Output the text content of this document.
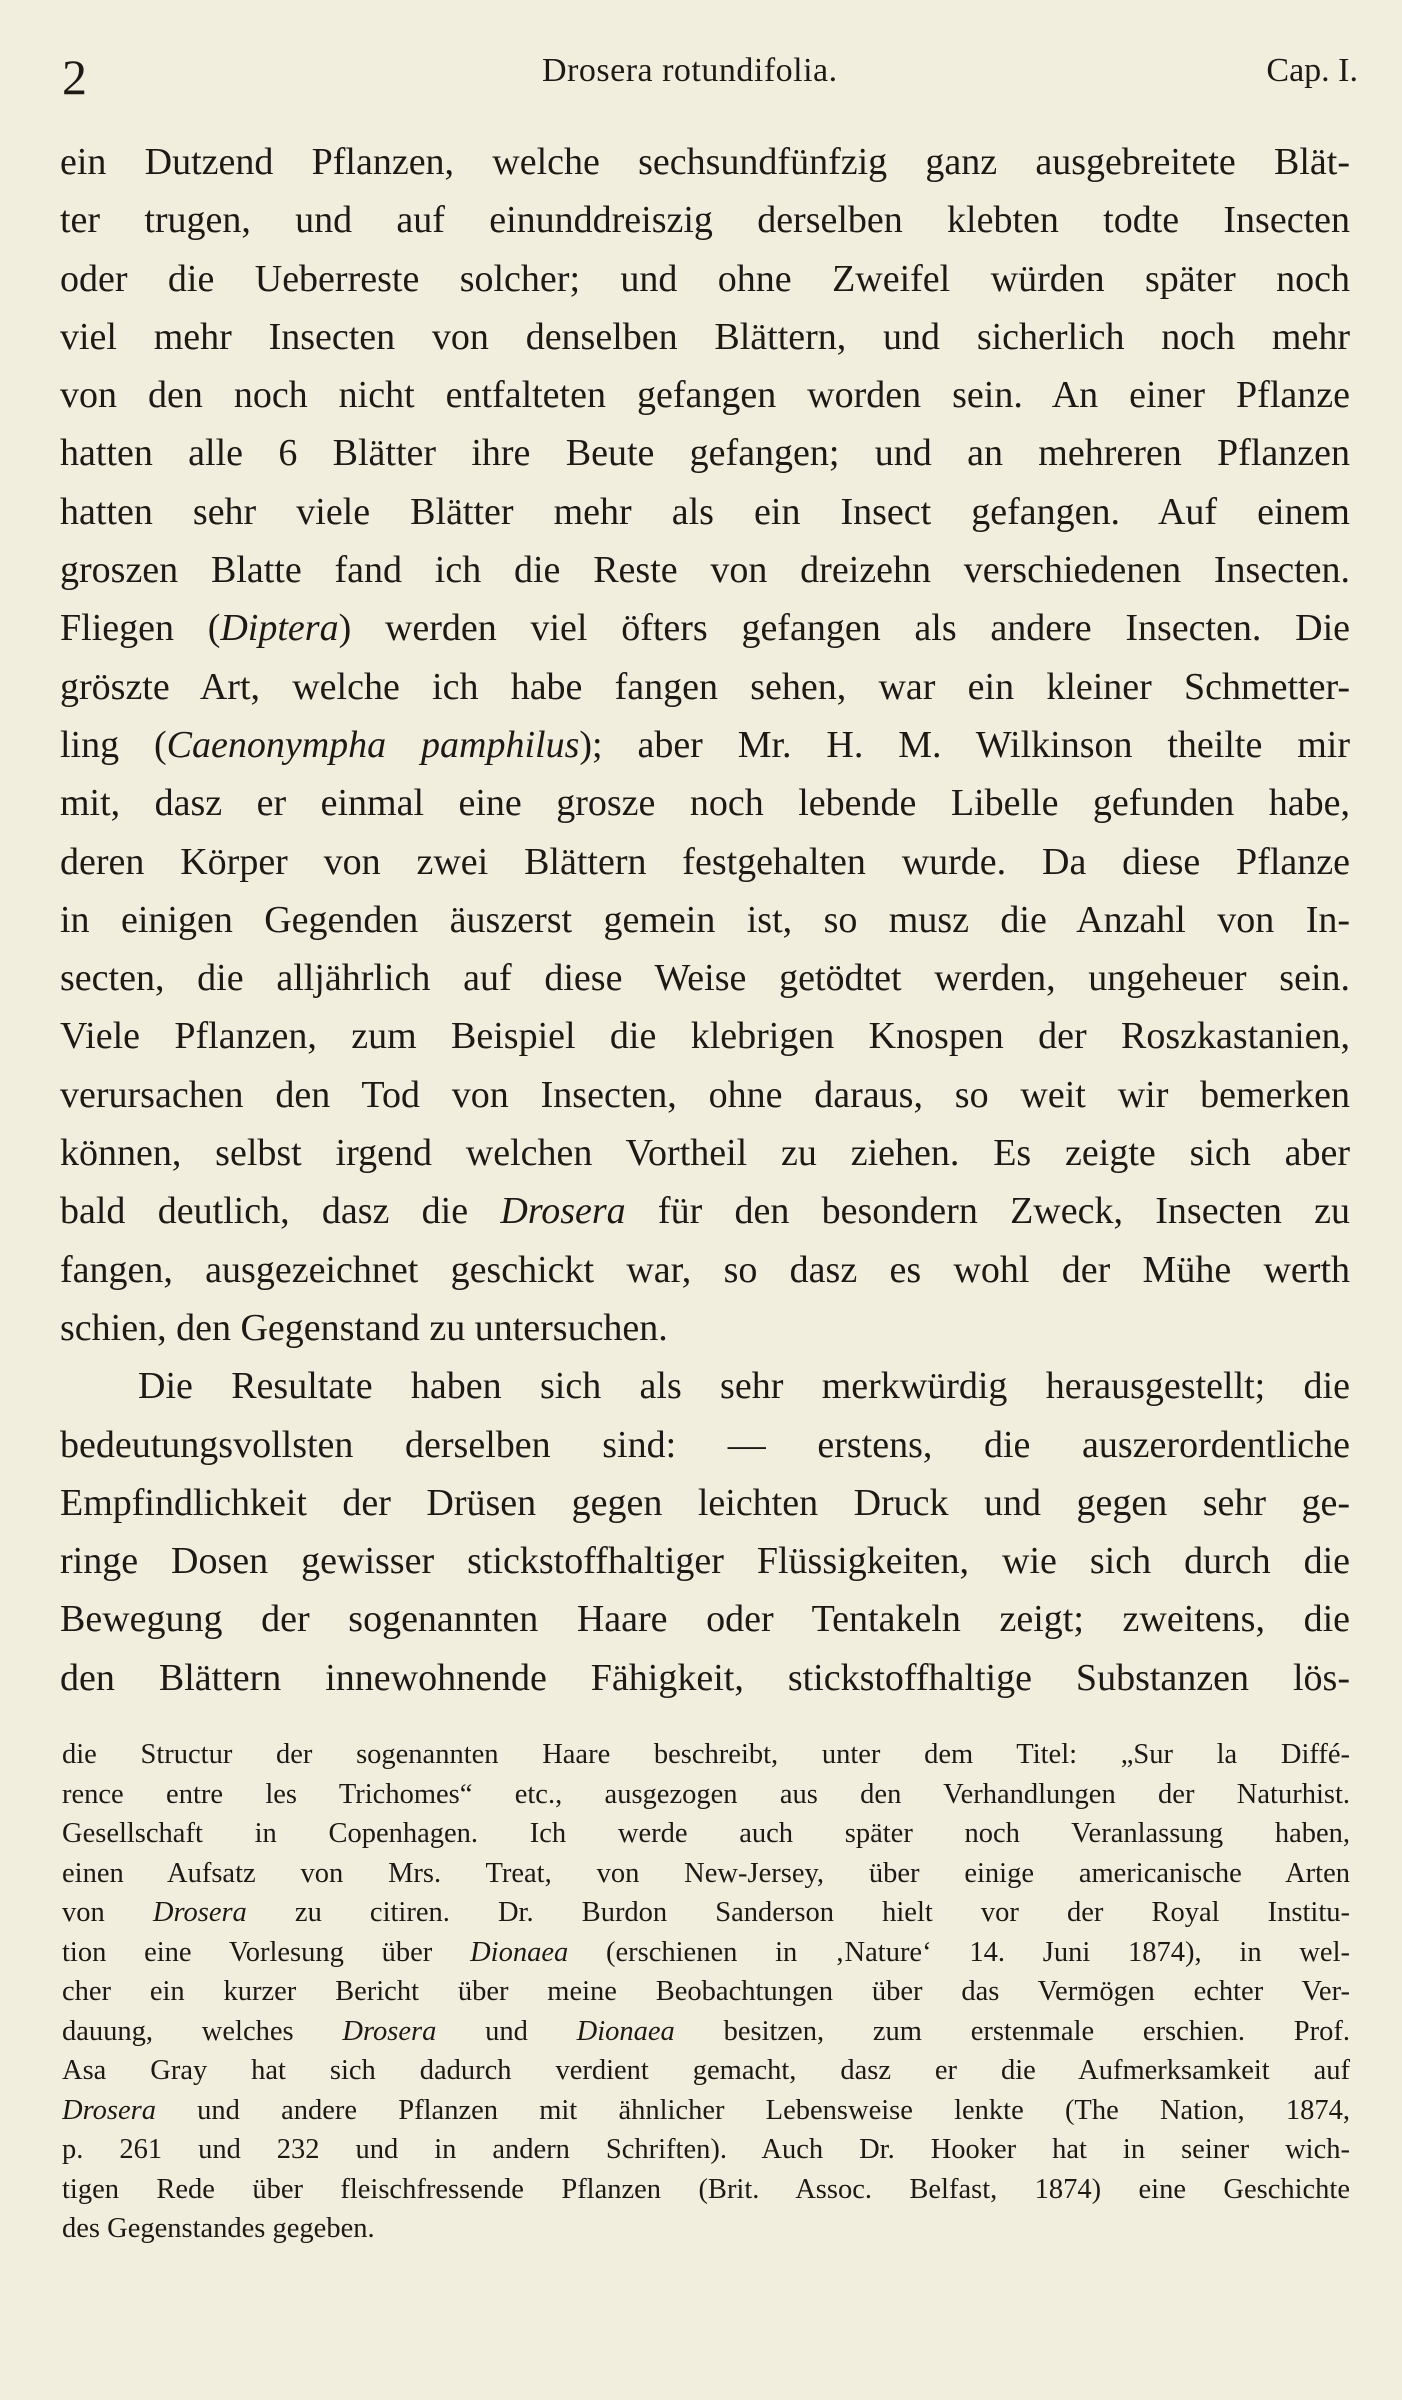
2	Drosera rotundifolia.	Cap. I.
ein Dutzend Pflanzen, welche sechsundfünfzig ganz ausgebreitete Blät-
ter trugen, und auf einunddreiszig derselben klebten todte Insecten
oder die Ueberreste solcher; und ohne Zweifel würden später noch
viel mehr Insecten von denselben Blättern, und sicherlich noch mehr
von den noch nicht entfalteten gefangen worden sein. An einer Pflanze
hatten alle 6 Blätter ihre Beute gefangen; und an mehreren Pflanzen
hatten sehr viele Blätter mehr als ein Insect gefangen. Auf einem
groszen Blatte fand ich die Reste von dreizehn verschiedenen Insecten.
Fliegen (Diptera) werden viel öfters gefangen als andere Insecten. Die
gröszte Art, welche ich habe fangen sehen, war ein kleiner Schmetter-
ling (Caenonympha pamphilus); aber Mr. H. M. Wilkinson theilte mir
mit, dasz er einmal eine grosze noch lebende Libelle gefunden habe,
deren Körper von zwei Blättern festgehalten wurde. Da diese Pflanze
in einigen Gegenden äuszerst gemein ist, so musz die Anzahl von In-
secten, die alljährlich auf diese Weise getödtet werden, ungeheuer sein.
Viele Pflanzen, zum Beispiel die klebrigen Knospen der Roszkastanien,
verursachen den Tod von Insecten, ohne daraus, so weit wir bemerken
können, selbst irgend welchen Vortheil zu ziehen. Es zeigte sich aber
bald deutlich, dasz die Drosera für den besondern Zweck, Insecten zu
fangen, ausgezeichnet geschickt war, so dasz es wohl der Mühe werth
schien, den Gegenstand zu untersuchen.
Die Resultate haben sich als sehr merkwürdig herausgestellt; die
bedeutungsvollsten derselben sind: — erstens, die auszerordentliche
Empfindlichkeit der Drüsen gegen leichten Druck und gegen sehr ge-
ringe Dosen gewisser stickstoffhaltiger Flüssigkeiten, wie sich durch die
Bewegung der sogenannten Haare oder Tentakeln zeigt; zweitens, die
den Blättern innewohnende Fähigkeit, stickstoffhaltige Substanzen lös-
die Structur der sogenannten Haare beschreibt, unter dem Titel: „Sur la Diffé-
rence entre les Trichomes“ etc., ausgezogen aus den Verhandlungen der Naturhist.
Gesellschaft in Copenhagen. Ich werde auch später noch Veranlassung haben,
einen Aufsatz von Mrs. Treat, von New-Jersey, über einige americanische Arten
von Drosera zu citiren. Dr. Burdon Sanderson hielt vor der Royal Institu-
tion eine Vorlesung über Dionaea (erschienen in ‚Nature‘ 14. Juni 1874), in wel-
cher ein kurzer Bericht über meine Beobachtungen über das Vermögen echter Ver-
dauung, welches Drosera und Dionaea besitzen, zum erstenmale erschien. Prof.
Asa Gray hat sich dadurch verdient gemacht, dasz er die Aufmerksamkeit auf
Drosera und andere Pflanzen mit ähnlicher Lebensweise lenkte (The Nation, 1874,
p. 261 und 232 und in andern Schriften). Auch Dr. Hooker hat in seiner wich-
tigen Rede über fleischfressende Pflanzen (Brit. Assoc. Belfast, 1874) eine Geschichte
des Gegenstandes gegeben.
